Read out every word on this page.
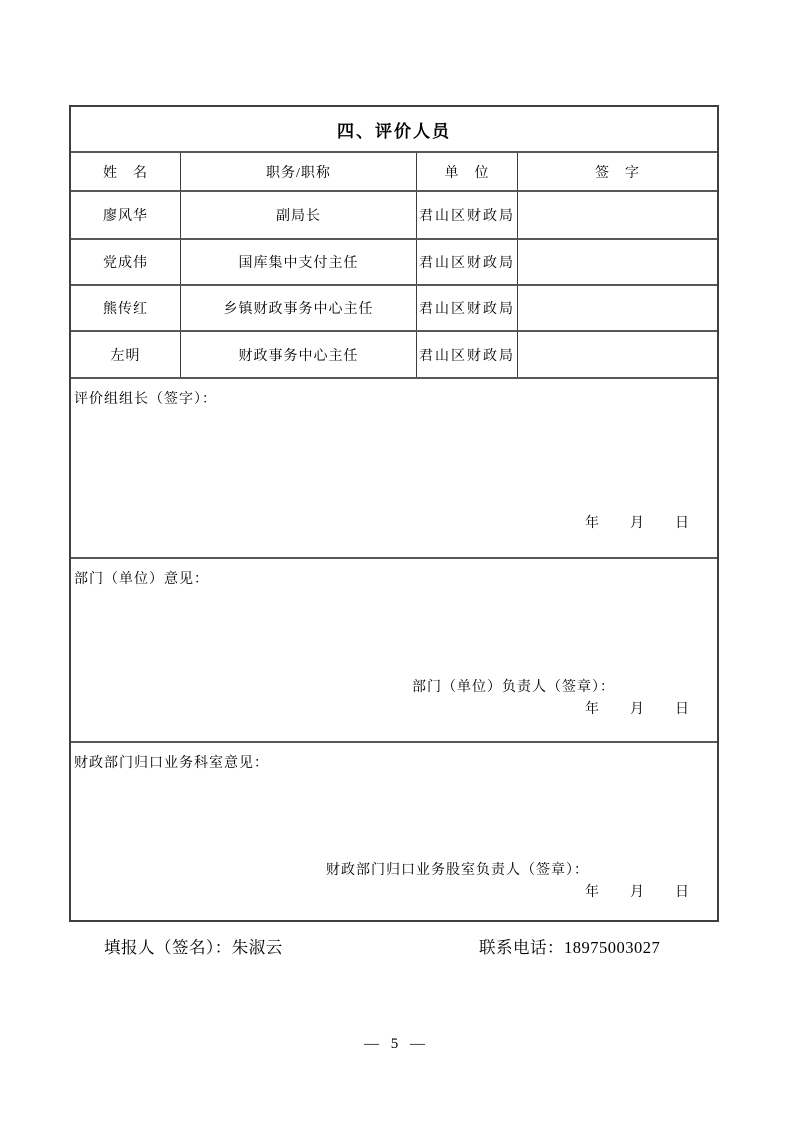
四、评价人员
姓　名	职务/职称	单　位	签　字
廖风华	副局长	君山区财政局
党成伟	国库集中支付主任	君山区财政局
熊传红	乡镇财政事务中心主任	君山区财政局
左明	财政事务中心主任	君山区财政局
评价组组长（签字）：
年　　月　　日
部门（单位）意见：
部门（单位）负责人（签章）：
年　　月　　日
财政部门归口业务科室意见：
财政部门归口业务股室负责人（签章）：
年　　月　　日
填报人（签名）：朱淑云	联系电话：18975003027
— 5 —
